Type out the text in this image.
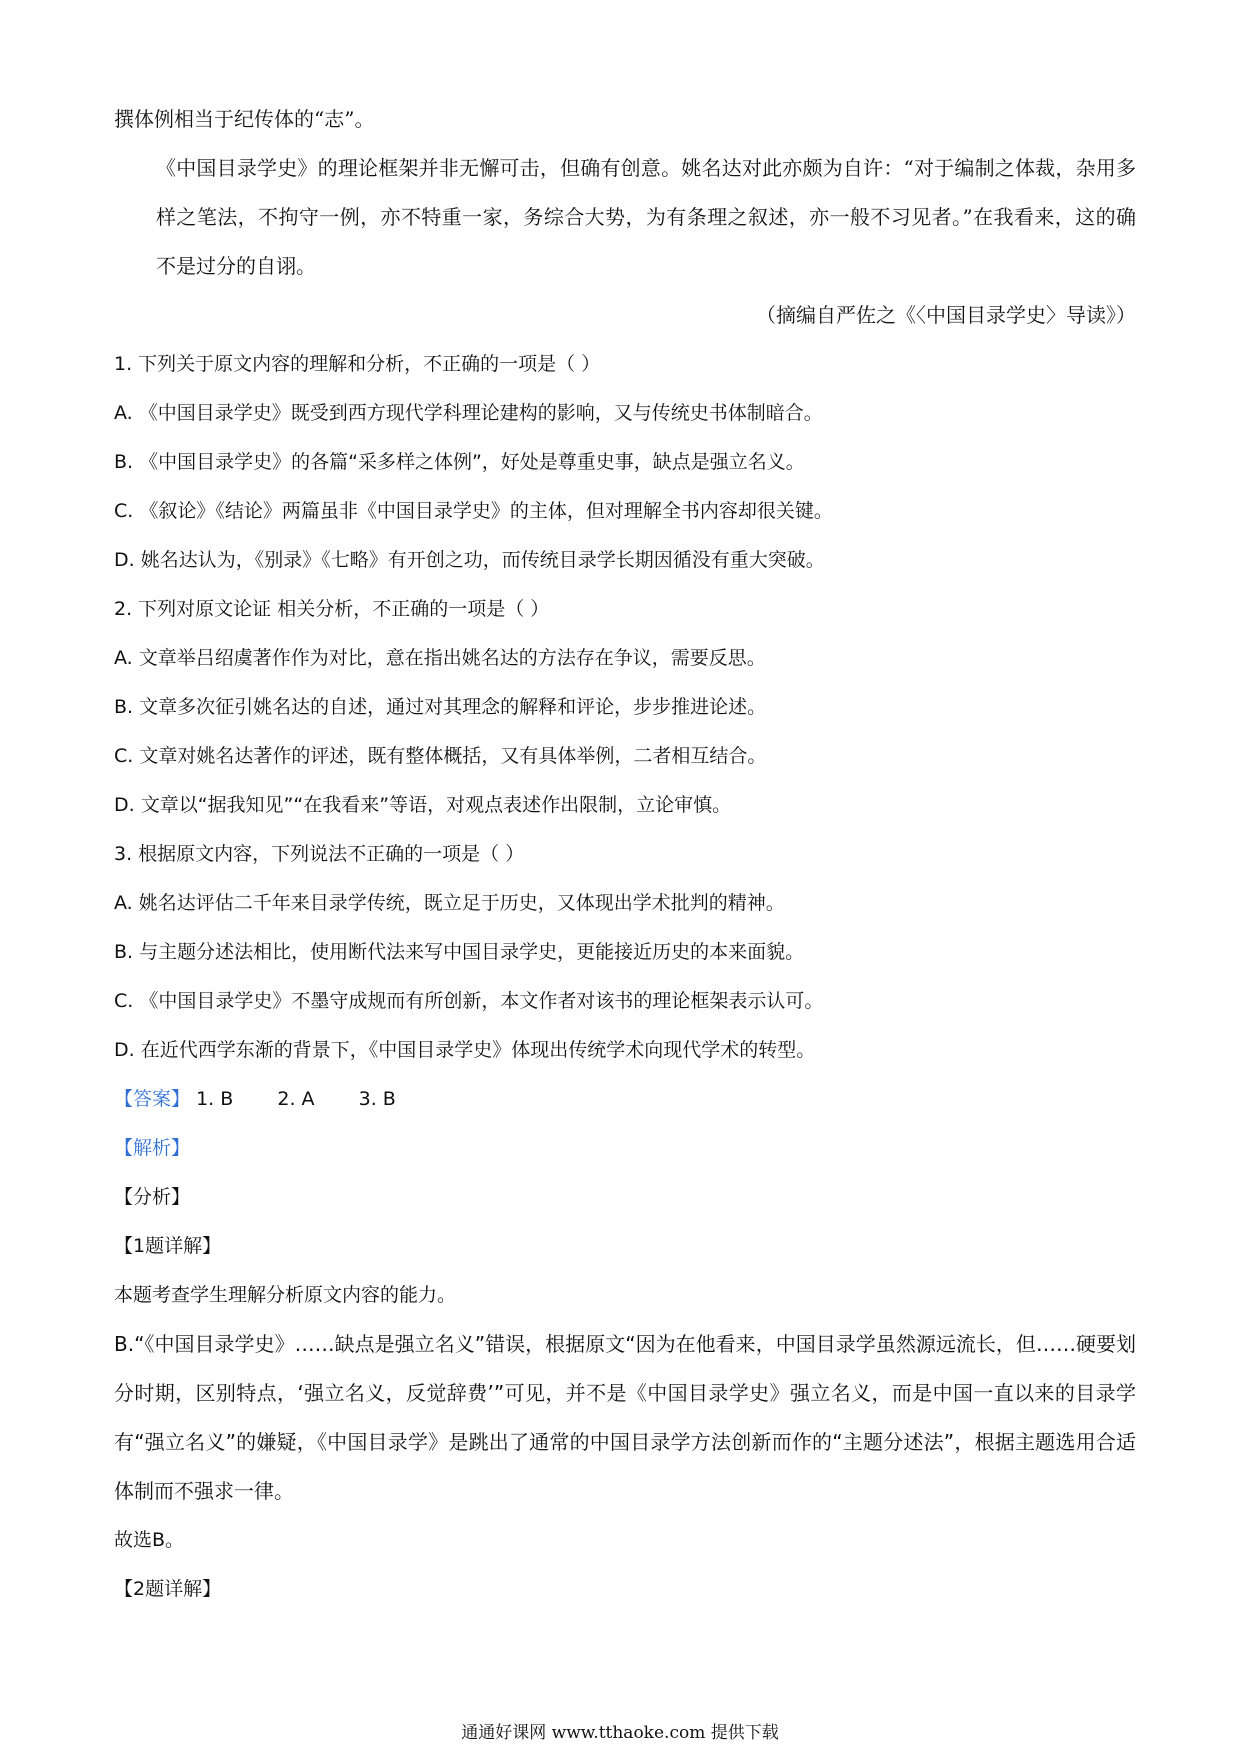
撰体例相当于纪传体的“志”。
《中国目录学史》的理论框架并非无懈可击，但确有创意。姚名达对此亦颇为自许：“对于编制之体裁，杂用多样之笔法，不拘守一例，亦不特重一家，务综合大势，为有条理之叙述，亦一般不习见者。”在我看来，这的确不是过分的自诩。
（摘编自严佐之《〈中国目录学史〉导读》）
1. 下列关于原文内容的理解和分析，不正确的一项是（ ）
A. 《中国目录学史》既受到西方现代学科理论建构的影响，又与传统史书体制暗合。
B. 《中国目录学史》的各篇“采多样之体例”，好处是尊重史事，缺点是强立名义。
C. 《叙论》《结论》两篇虽非《中国目录学史》的主体，但对理解全书内容却很关键。
D. 姚名达认为，《别录》《七略》有开创之功，而传统目录学长期因循没有重大突破。
2. 下列对原文论证 相关分析，不正确的一项是（ ）
A. 文章举吕绍虞著作作为对比，意在指出姚名达的方法存在争议，需要反思。
B. 文章多次征引姚名达的自述，通过对其理念的解释和评论，步步推进论述。
C. 文章对姚名达著作的评述，既有整体概括，又有具体举例，二者相互结合。
D. 文章以“据我知见”“在我看来”等语，对观点表述作出限制，立论审慎。
3. 根据原文内容，下列说法不正确的一项是（ ）
A. 姚名达评估二千年来目录学传统，既立足于历史，又体现出学术批判的精神。
B. 与主题分述法相比，使用断代法来写中国目录学史，更能接近历史的本来面貌。
C. 《中国目录学史》不墨守成规而有所创新，本文作者对该书的理论框架表示认可。
D. 在近代西学东渐的背景下，《中国目录学史》体现出传统学术向现代学术的转型。
【答案】 1. B 2. A 3. B
【解析】
【分析】
【1题详解】
本题考查学生理解分析原文内容的能力。
B.“《中国目录学史》……缺点是强立名义”错误，根据原文“因为在他看来，中国目录学虽然源远流长，但……硬要划分时期，区别特点，‘强立名义，反觉辞费’”可见，并不是《中国目录学史》强立名义，而是中国一直以来的目录学有“强立名义”的嫌疑，《中国目录学》是跳出了通常的中国目录学方法创新而作的“主题分述法”，根据主题选用合适体制而不强求一律。
故选B。
【2题详解】
通通好课网 www.tthaoke.com 提供下载
